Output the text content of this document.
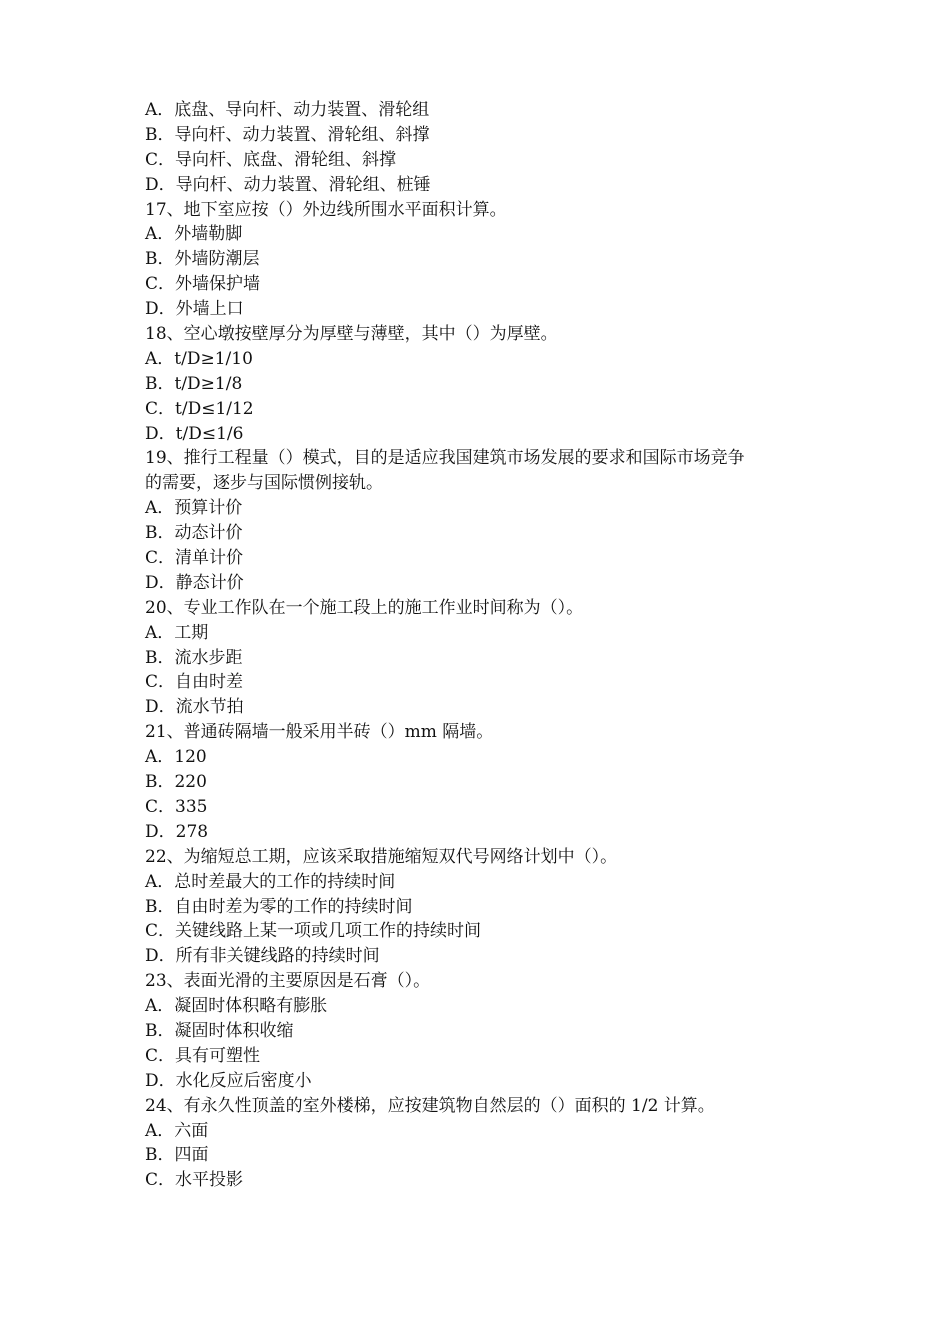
A．底盘、导向杆、动力装置、滑轮组
B．导向杆、动力装置、滑轮组、斜撑
C．导向杆、底盘、滑轮组、斜撑
D．导向杆、动力装置、滑轮组、桩锤
17、地下室应按（）外边线所围水平面积计算。
A．外墙勒脚
B．外墙防潮层
C．外墙保护墙
D．外墙上口
18、空心墩按壁厚分为厚壁与薄壁，其中（）为厚壁。
A．t/D≥1/10
B．t/D≥1/8
C．t/D≤1/12
D．t/D≤1/6
19、推行工程量（）模式，目的是适应我国建筑市场发展的要求和国际市场竞争
的需要，逐步与国际惯例接轨。
A．预算计价
B．动态计价
C．清单计价
D．静态计价
20、专业工作队在一个施工段上的施工作业时间称为（）。
A．工期
B．流水步距
C．自由时差
D．流水节拍
21、普通砖隔墙一般采用半砖（）mm 隔墙。
A．120
B．220
C．335
D．278
22、为缩短总工期，应该采取措施缩短双代号网络计划中（）。
A．总时差最大的工作的持续时间
B．自由时差为零的工作的持续时间
C．关键线路上某一项或几项工作的持续时间
D．所有非关键线路的持续时间
23、表面光滑的主要原因是石膏（）。
A．凝固时体积略有膨胀
B．凝固时体积收缩
C．具有可塑性
D．水化反应后密度小
24、有永久性顶盖的室外楼梯，应按建筑物自然层的（）面积的 1/2 计算。
A．六面
B．四面
C．水平投影
